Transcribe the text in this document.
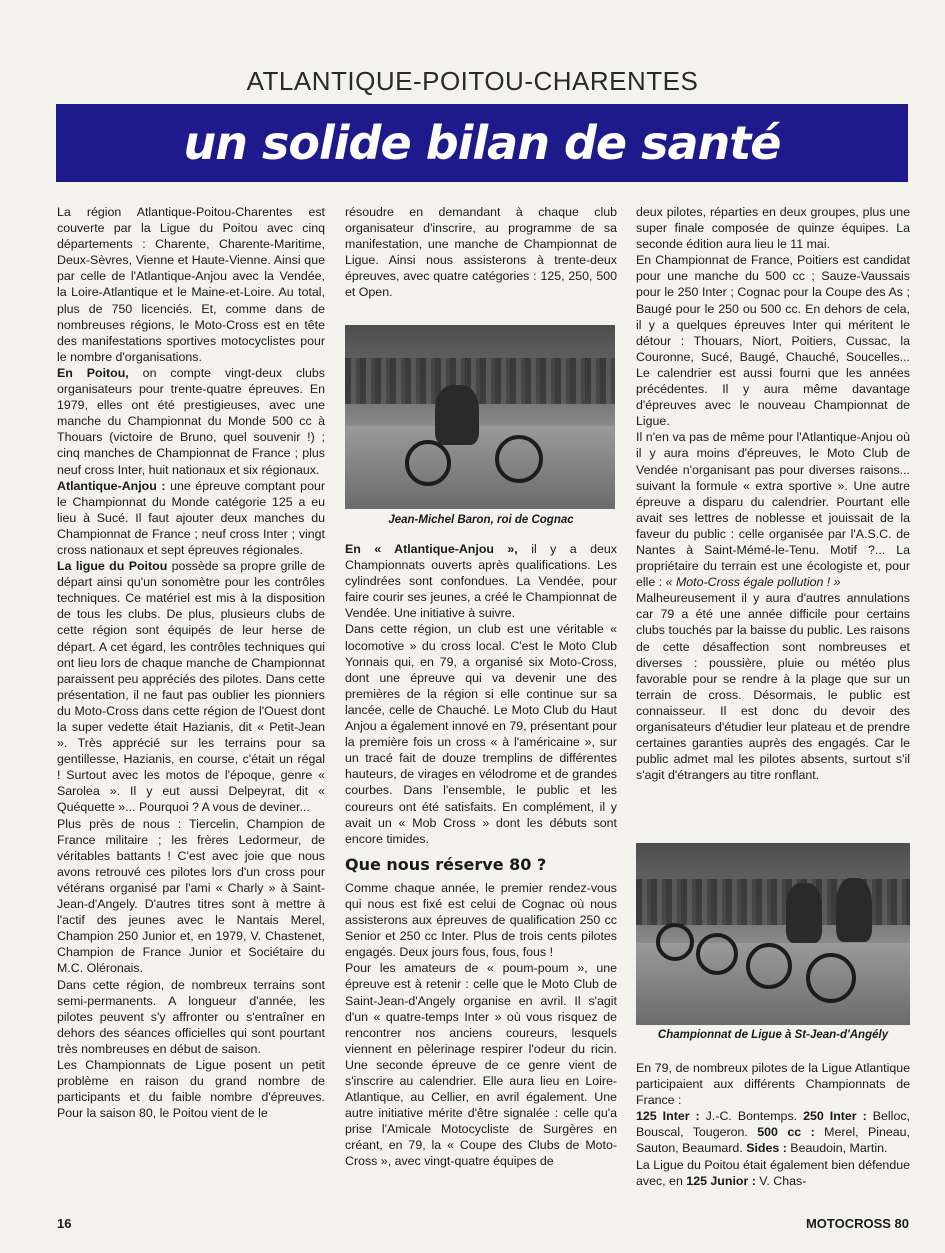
ATLANTIQUE-POITOU-CHARENTES
un solide bilan de santé

La région Atlantique-Poitou-Charentes est couverte par la Ligue du Poitou avec cinq départements : Charente, Charente-Maritime, Deux-Sèvres, Vienne et Haute-Vienne. Ainsi que par celle de l'Atlantique-Anjou avec la Vendée, la Loire-Atlantique et le Maine-et-Loire. Au total, plus de 750 licenciés. Et, comme dans de nombreuses régions, le Moto-Cross est en tête des manifestations sportives motocyclistes pour le nombre d'organisations.

En Poitou, on compte vingt-deux clubs organisateurs pour trente-quatre épreuves. En 1979, elles ont été prestigieuses, avec une manche du Championnat du Monde 500 cc à Thouars (victoire de Bruno, quel souvenir !) ; cinq manches de Championnat de France ; plus neuf cross Inter, huit nationaux et six régionaux.

Atlantique-Anjou : une épreuve comptant pour le Championnat du Monde catégorie 125 a eu lieu à Sucé. Il faut ajouter deux manches du Championnat de France ; neuf cross Inter ; vingt cross nationaux et sept épreuves régionales.

La ligue du Poitou possède sa propre grille de départ ainsi qu'un sonomètre pour les contrôles techniques. Ce matériel est mis à la disposition de tous les clubs. De plus, plusieurs clubs de cette région sont équipés de leur herse de départ. A cet égard, les contrôles techniques qui ont lieu lors de chaque manche de Championnat paraissent peu appréciés des pilotes. Dans cette présentation, il ne faut pas oublier les pionniers du Moto-Cross dans cette région de l'Ouest dont la super vedette était Hazianis, dit « Petit-Jean ». Très apprécié sur les terrains pour sa gentillesse, Hazianis, en course, c'était un régal ! Surtout avec les motos de l'époque, genre « Sarolea ». Il y eut aussi Delpeyrat, dit « Quéquette »... Pourquoi ? A vous de deviner...

Plus près de nous : Tiercelin, Champion de France militaire ; les frères Ledormeur, de véritables battants ! C'est avec joie que nous avons retrouvé ces pilotes lors d'un cross pour vétérans organisé par l'ami « Charly » à Saint-Jean-d'Angely. D'autres titres sont à mettre à l'actif des jeunes avec le Nantais Merel, Champion 250 Junior et, en 1979, V. Chastenet, Champion de France Junior et Sociétaire du M.C. Oléronais.

Dans cette région, de nombreux terrains sont semi-permanents. A longueur d'année, les pilotes peuvent s'y affronter ou s'entraîner en dehors des séances officielles qui sont pourtant très nombreuses en début de saison.

Les Championnats de Ligue posent un petit problème en raison du grand nombre de participants et du faible nombre d'épreuves. Pour la saison 80, le Poitou vient de le

résoudre en demandant à chaque club organisateur d'inscrire, au programme de sa manifestation, une manche de Championnat de Ligue. Ainsi nous assisterons à trente-deux épreuves, avec quatre catégories : 125, 250, 500 et Open.

Jean-Michel Baron, roi de Cognac

En « Atlantique-Anjou », il y a deux Championnats ouverts après qualifications. Les cylindrées sont confondues. La Vendée, pour faire courir ses jeunes, a créé le Championnat de Vendée. Une initiative à suivre.

Dans cette région, un club est une véritable « locomotive » du cross local. C'est le Moto Club Yonnais qui, en 79, a organisé six Moto-Cross, dont une épreuve qui va devenir une des premières de la région si elle continue sur sa lancée, celle de Chauché. Le Moto Club du Haut Anjou a également innové en 79, présentant pour la première fois un cross « à l'américaine », sur un tracé fait de douze tremplins de différentes hauteurs, de virages en vélodrome et de grandes courbes. Dans l'ensemble, le public et les coureurs ont été satisfaits. En complément, il y avait un « Mob Cross » dont les débuts sont encore timides.

Que nous réserve 80 ?

Comme chaque année, le premier rendez-vous qui nous est fixé est celui de Cognac où nous assisterons aux épreuves de qualification 250 cc Senior et 250 cc Inter. Plus de trois cents pilotes engagés. Deux jours fous, fous, fous !

Pour les amateurs de « poum-poum », une épreuve est à retenir : celle que le Moto Club de Saint-Jean-d'Angely organise en avril. Il s'agit d'un « quatre-temps Inter » où vous risquez de rencontrer nos anciens coureurs, lesquels viennent en pèlerinage respirer l'odeur du ricin. Une seconde épreuve de ce genre vient de s'inscrire au calendrier. Elle aura lieu en Loire-Atlantique, au Cellier, en avril également. Une autre initiative mérite d'être signalée : celle qu'a prise l'Amicale Motocycliste de Surgères en créant, en 79, la « Coupe des Clubs de Moto-Cross », avec vingt-quatre équipes de

deux pilotes, réparties en deux groupes, plus une super finale composée de quinze équipes. La seconde édition aura lieu le 11 mai.

En Championnat de France, Poitiers est candidat pour une manche du 500 cc ; Sauze-Vaussais pour le 250 Inter ; Cognac pour la Coupe des As ; Baugé pour le 250 ou 500 cc. En dehors de cela, il y a quelques épreuves Inter qui méritent le détour : Thouars, Niort, Poitiers, Cussac, la Couronne, Sucé, Baugé, Chauché, Soucelles... Le calendrier est aussi fourni que les années précédentes. Il y aura même davantage d'épreuves avec le nouveau Championnat de Ligue.

Il n'en va pas de même pour l'Atlantique-Anjou où il y aura moins d'épreuves, le Moto Club de Vendée n'organisant pas pour diverses raisons... suivant la formule « extra sportive ». Une autre épreuve a disparu du calendrier. Pourtant elle avait ses lettres de noblesse et jouissait de la faveur du public : celle organisée par l'A.S.C. de Nantes à Saint-Mémé-le-Tenu. Motif ?... La propriétaire du terrain est une écologiste et, pour elle : « Moto-Cross égale pollution ! »

Malheureusement il y aura d'autres annulations car 79 a été une année difficile pour certains clubs touchés par la baisse du public. Les raisons de cette désaffection sont nombreuses et diverses : poussière, pluie ou météo plus favorable pour se rendre à la plage que sur un terrain de cross. Désormais, le public est connaisseur. Il est donc du devoir des organisateurs d'étudier leur plateau et de prendre certaines garanties auprès des engagés. Car le public admet mal les pilotes absents, surtout s'il s'agit d'étrangers au titre ronflant.

Championnat de Ligue à St-Jean-d'Angély

En 79, de nombreux pilotes de la Ligue Atlantique participaient aux différents Championnats de France :

125 Inter : J.-C. Bontemps. 250 Inter : Belloc, Bouscal, Tougeron. 500 cc : Merel, Pineau, Sauton, Beaumard. Sides : Beaudoin, Martin.

La Ligue du Poitou était également bien défendue avec, en 125 Junior : V. Chas-

16	MOTOCROSS 80
